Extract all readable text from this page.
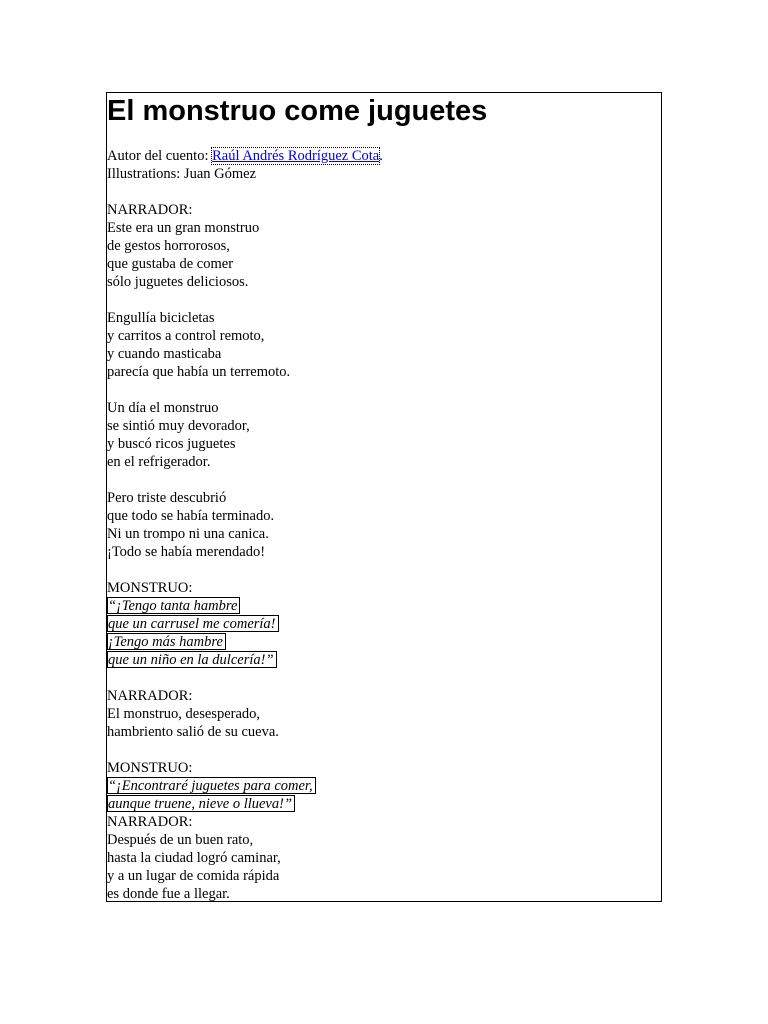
El monstruo come juguetes
Autor del cuento: Raúl Andrés Rodríguez Cota.
Illustrations: Juan Gómez
NARRADOR:
Este era un gran monstruo
de gestos horrorosos,
que gustaba de comer
sólo juguetes deliciosos.
Engullía bicicletas
y carritos a control remoto,
y cuando masticaba
parecía que había un terremoto.
Un día el monstruo
se sintió muy devorador,
y buscó ricos juguetes
en el refrigerador.
Pero triste descubrió
que todo se había terminado.
Ni un trompo ni una canica.
¡Todo se había merendado!
MONSTRUO:
“¡Tengo tanta hambre
que un carrusel me comería!
¡Tengo más hambre
que un niño en la dulcería!”
NARRADOR:
El monstruo, desesperado,
hambriento salió de su cueva.
MONSTRUO:
“¡Encontraré juguetes para comer,
aunque truene, nieve o llueva!”
NARRADOR:
Después de un buen rato,
hasta la ciudad logró caminar,
y a un lugar de comida rápida
es donde fue a llegar.
